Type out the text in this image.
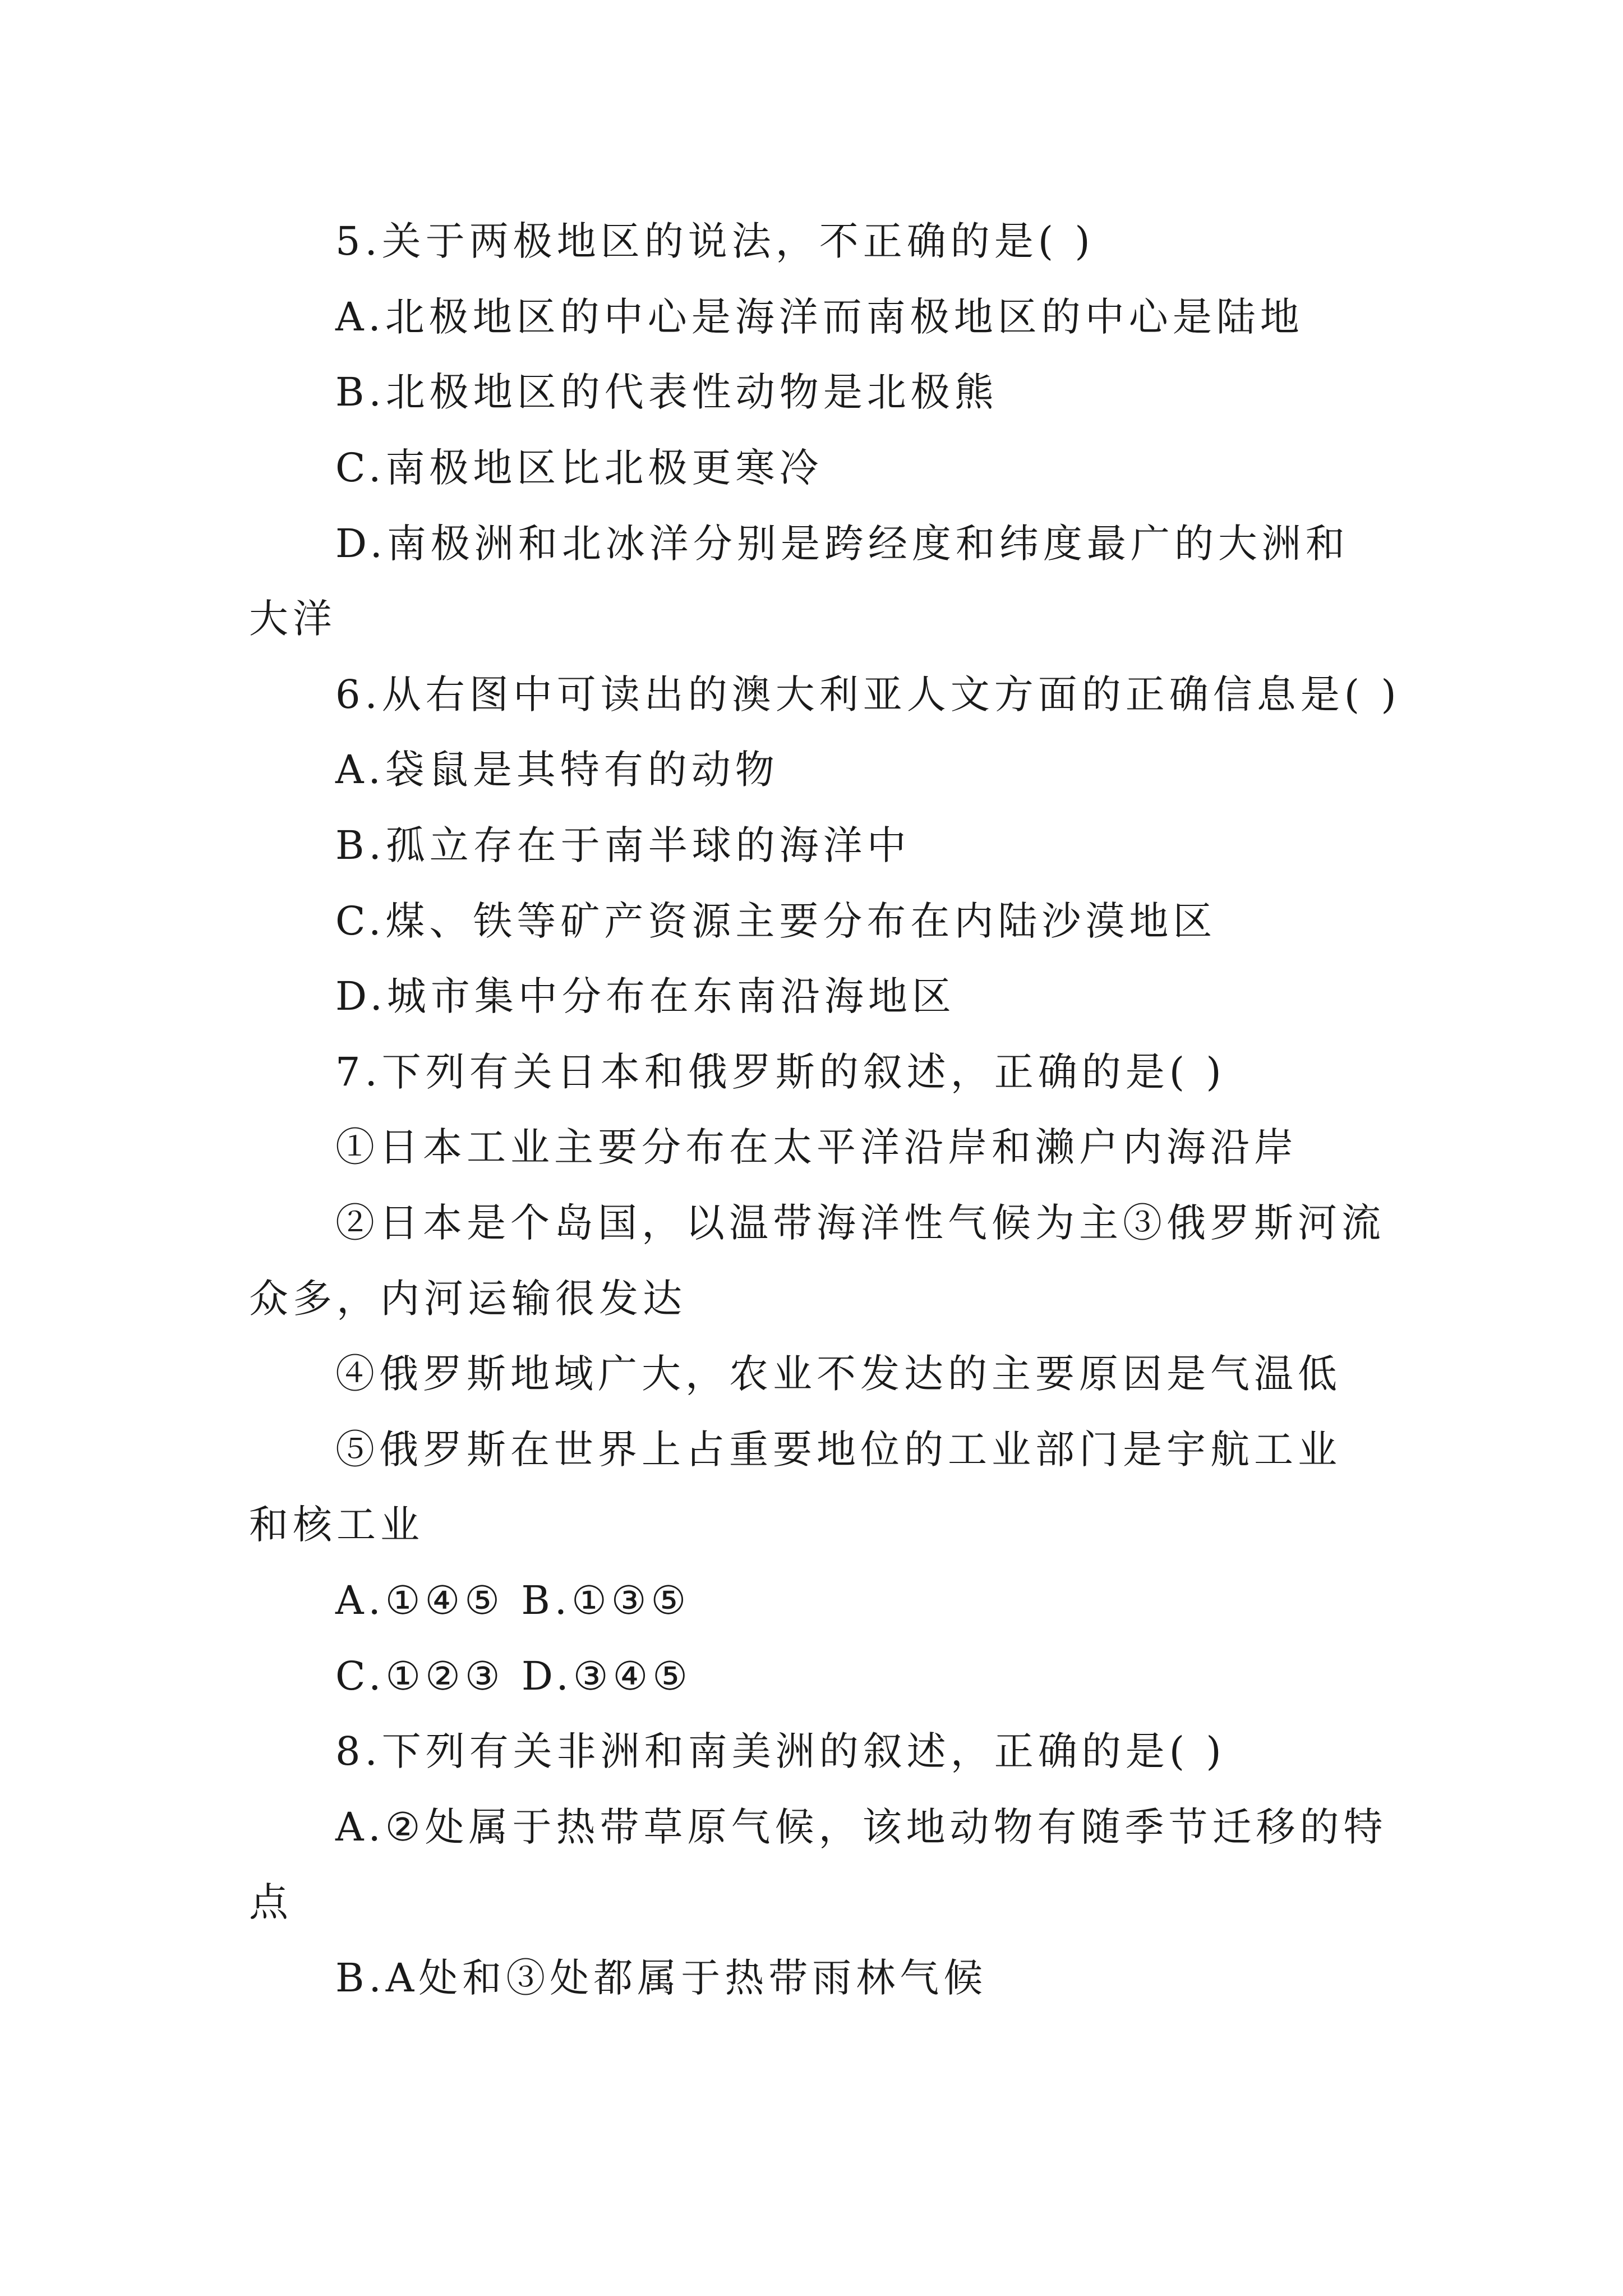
5.关于两极地区的说法，不正确的是( )
A.北极地区的中心是海洋而南极地区的中心是陆地
B.北极地区的代表性动物是北极熊
C.南极地区比北极更寒冷
D.南极洲和北冰洋分别是跨经度和纬度最广的大洲和
大洋
6.从右图中可读出的澳大利亚人文方面的正确信息是( )
A.袋鼠是其特有的动物
B.孤立存在于南半球的海洋中
C.煤、铁等矿产资源主要分布在内陆沙漠地区
D.城市集中分布在东南沿海地区
7.下列有关日本和俄罗斯的叙述，正确的是( )
①日本工业主要分布在太平洋沿岸和濑户内海沿岸
②日本是个岛国，以温带海洋性气候为主③俄罗斯河流
众多，内河运输很发达
④俄罗斯地域广大，农业不发达的主要原因是气温低
⑤俄罗斯在世界上占重要地位的工业部门是宇航工业
和核工业
A.①④⑤ B.①③⑤
C.①②③ D.③④⑤
8.下列有关非洲和南美洲的叙述，正确的是( )
A.②处属于热带草原气候，该地动物有随季节迁移的特
点
B.A处和③处都属于热带雨林气候
